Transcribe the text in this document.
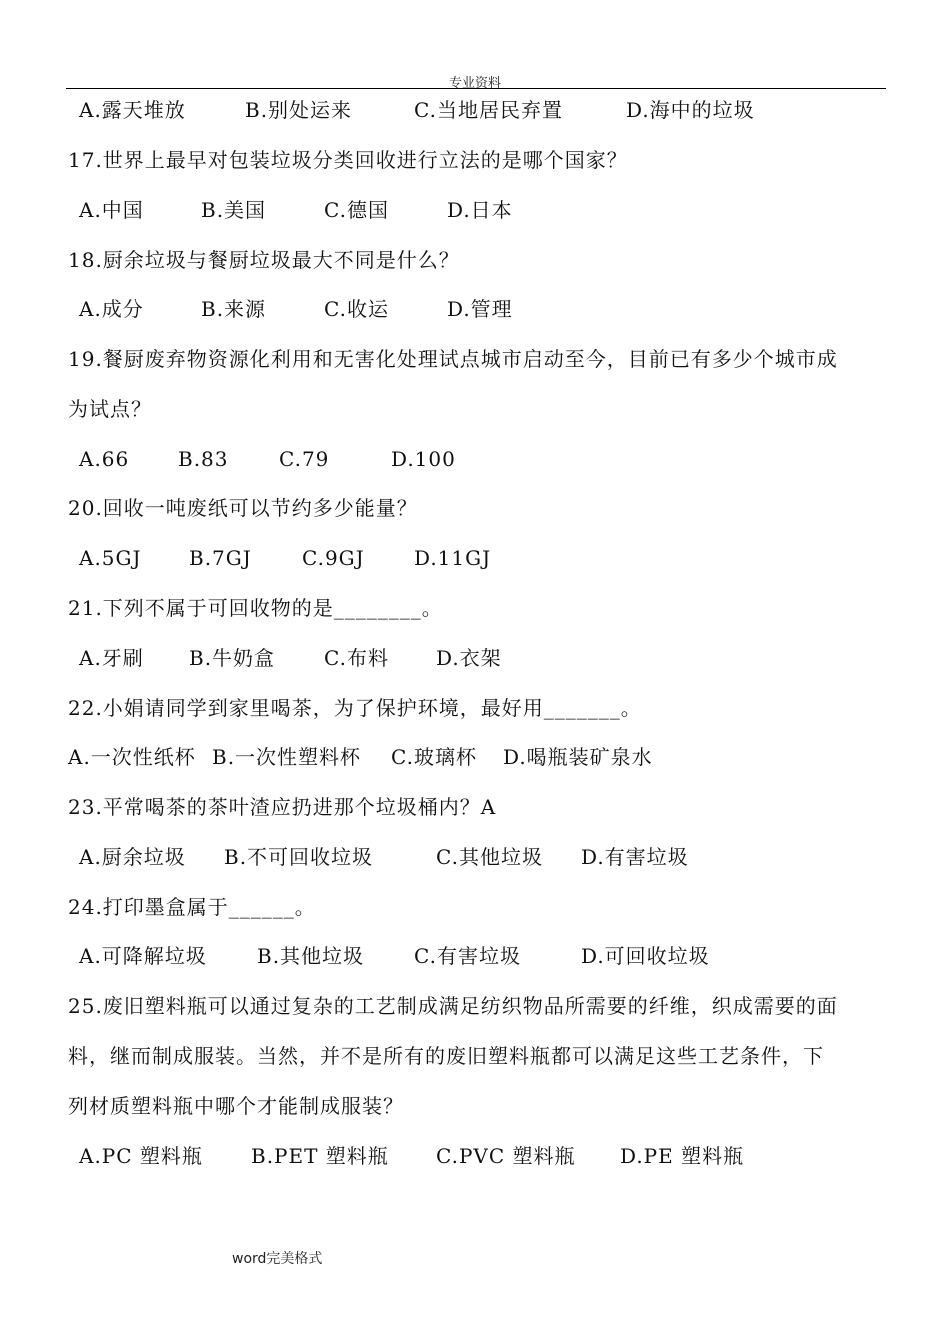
专业资料
A.露天堆放	B.别处运来	C.当地居民弃置	D.海中的垃圾
17.世界上最早对包装垃圾分类回收进行立法的是哪个国家？
A.中国	B.美国	C.德国	D.日本
18.厨余垃圾与餐厨垃圾最大不同是什么？
A.成分	B.来源	C.收运	D.管理
19.餐厨废弃物资源化利用和无害化处理试点城市启动至今，目前已有多少个城市成
为试点？
A.66 B.83	C.79	D.100
20.回收一吨废纸可以节约多少能量？
A.5GJ B.7GJ	C.9GJ D.11GJ
21.下列不属于可回收物的是________。
A.牙刷 B.牛奶盒 C.布料 D.衣架
22.小娟请同学到家里喝茶，为了保护环境，最好用_______。
A.一次性纸杯 B.一次性塑料杯 C.玻璃杯 D.喝瓶装矿泉水
23.平常喝茶的茶叶渣应扔进那个垃圾桶内？A
A.厨余垃圾 B.不可回收垃圾	C.其他垃圾 D.有害垃圾
24.打印墨盒属于______。
A.可降解垃圾	B.其他垃圾 C.有害垃圾	D.可回收垃圾
25.废旧塑料瓶可以通过复杂的工艺制成满足纺织物品所需要的纤维，织成需要的面
料，继而制成服装。当然，并不是所有的废旧塑料瓶都可以满足这些工艺条件，下
列材质塑料瓶中哪个才能制成服装？
A.PC 塑料瓶 B.PET 塑料瓶 C.PVC 塑料瓶 D.PE 塑料瓶
word完美格式
